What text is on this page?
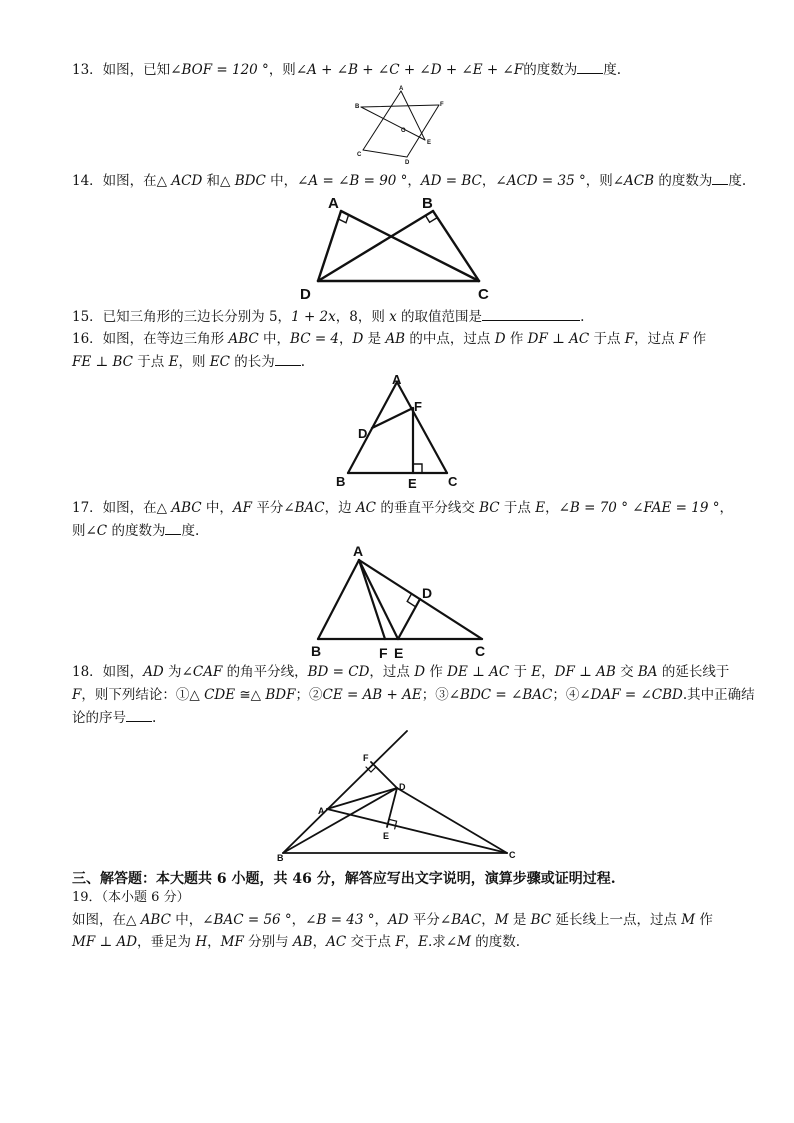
13．如图，已知∠BOF = 120 °，则∠A + ∠B + ∠C + ∠D + ∠E + ∠F的度数为 度.
A
B	F
C
D
E
O
14．如图，在△ ACD 和△ BDC 中，∠A = ∠B = 90 °，AD = BC，∠ACD = 35 °，则∠ACB 的度数为 度.
A	B
D	C
15．已知三角形的三边长分别为 5，1 + 2x，8，则 x 的取值范围是	.
16．如图，在等边三角形 ABC 中，BC = 4，D 是 AB 的中点，过点 D 作 DF ⊥ AC 于点 F，过点 F 作
FE ⊥ BC 于点 E，则 EC 的长为 .
A
F
D
B	E C
17．如图，在△ ABC 中，AF 平分∠BAC，边 AC 的垂直平分线交 BC 于点 E，∠B = 70 ° ∠FAE = 19 °，
则∠C 的度数为 度.
A
D
B	F E	C
18．如图，AD 为∠CAF 的角平分线，BD = CD，过点 D 作 DE ⊥ AC 于 E，DF ⊥ AB 交 BA 的延长线于
F，则下列结论：①△ CDE ≅△ BDF；②CE = AB + AE；③∠BDC = ∠BAC；④∠DAF = ∠CBD.其中正确结
论的序号 .
F
D
A
E
B	C
三、解答题：本大题共 6 小题，共 46 分，解答应写出文字说明，演算步骤或证明过程.
19．（本小题 6 分）
如图，在△ ABC 中，∠BAC = 56 °，∠B = 43 °，AD 平分∠BAC，M 是 BC 延长线上一点，过点 M 作
MF ⊥ AD，垂足为 H，MF 分别与 AB，AC 交于点 F，E.求∠M 的度数.
